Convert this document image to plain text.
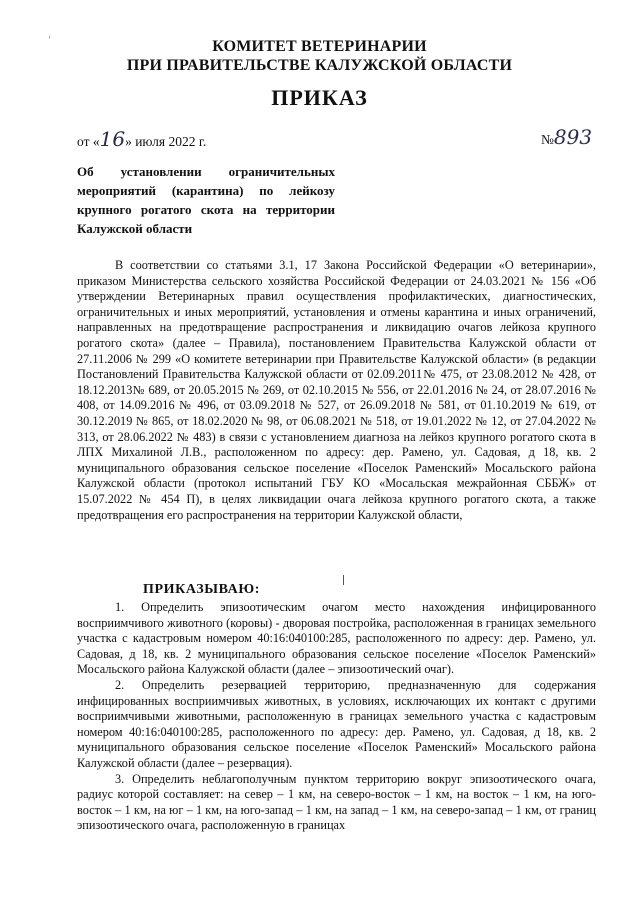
ʻ	КОМИТЕТ ВЕТЕРИНАРИИ
ПРИ ПРАВИТЕЛЬСТВЕ КАЛУЖСКОЙ ОБЛАСТИ
ПРИКАЗ
от «16» июля 2022 г.	№893
Об установлении ограничительных мероприятий (карантина) по лейкозу крупного рогатого скота на территории Калужской области

В соответствии со статьями 3.1, 17 Закона Российской Федерации «О ветеринарии», приказом Министерства сельского хозяйства Российской Федерации от 24.03.2021 № 156 «Об утверждении Ветеринарных правил осуществления профилактических, диагностических, ограничительных и иных мероприятий, установления и отмены карантина и иных ограничений, направленных на предотвращение распространения и ликвидацию очагов лейкоза крупного рогатого скота» (далее – Правила), постановлением Правительства Калужской области от 27.11.2006 № 299 «О комитете ветеринарии при Правительстве Калужской области» (в редакции Постановлений Правительства Калужской области от 02.09.2011№ 475, от 23.08.2012 № 428, от 18.12.2013№ 689, от 20.05.2015 № 269, от 02.10.2015 № 556, от 22.01.2016 № 24, от 28.07.2016 № 408, от 14.09.2016 № 496, от 03.09.2018 № 527, от 26.09.2018 № 581, от 01.10.2019 № 619, от 30.12.2019 № 865, от 18.02.2020 № 98, от 06.08.2021 № 518, от 19.01.2022 № 12, от 27.04.2022 № 313, от 28.06.2022 № 483) в связи с установлением диагноза на лейкоз крупного рогатого скота в ЛПХ Михалиной Л.В., расположенном по адресу: дер. Рамено, ул. Садовая, д 18, кв. 2 муниципального образования сельское поселение «Поселок Раменский» Мосальского района Калужской области (протокол испытаний ГБУ КО «Мосальская межрайонная СББЖ» от 15.07.2022 № 454 П), в целях ликвидации очага лейкоза крупного рогатого скота, а также предотвращения его распространения на территории Калужской области,

ПРИКАЗЫВАЮ:

1. Определить эпизоотическим очагом место нахождения инфицированного восприимчивого животного (коровы) - дворовая постройка, расположенная в границах земельного участка с кадастровым номером 40:16:040100:285, расположенного по адресу: дер. Рамено, ул. Садовая, д 18, кв. 2 муниципального образования сельское поселение «Поселок Раменский» Мосальского района Калужской области (далее – эпизоотический очаг).

2. Определить резервацией территорию, предназначенную для содержания инфицированных восприимчивых животных, в условиях, исключающих их контакт с другими восприимчивыми животными, расположенную в границах земельного участка с кадастровым номером 40:16:040100:285, расположенного по адресу: дер. Рамено, ул. Садовая, д 18, кв. 2 муниципального образования сельское поселение «Поселок Раменский» Мосальского района Калужской области (далее – резервация).

3. Определить неблагополучным пунктом территорию вокруг эпизоотического очага, радиус которой составляет: на север – 1 км, на северо-восток – 1 км, на восток – 1 км, на юго-восток – 1 км, на юг – 1 км, на юго-запад – 1 км, на запад – 1 км, на северо-запад – 1 км, от границ эпизоотического очага, расположенную в границах
